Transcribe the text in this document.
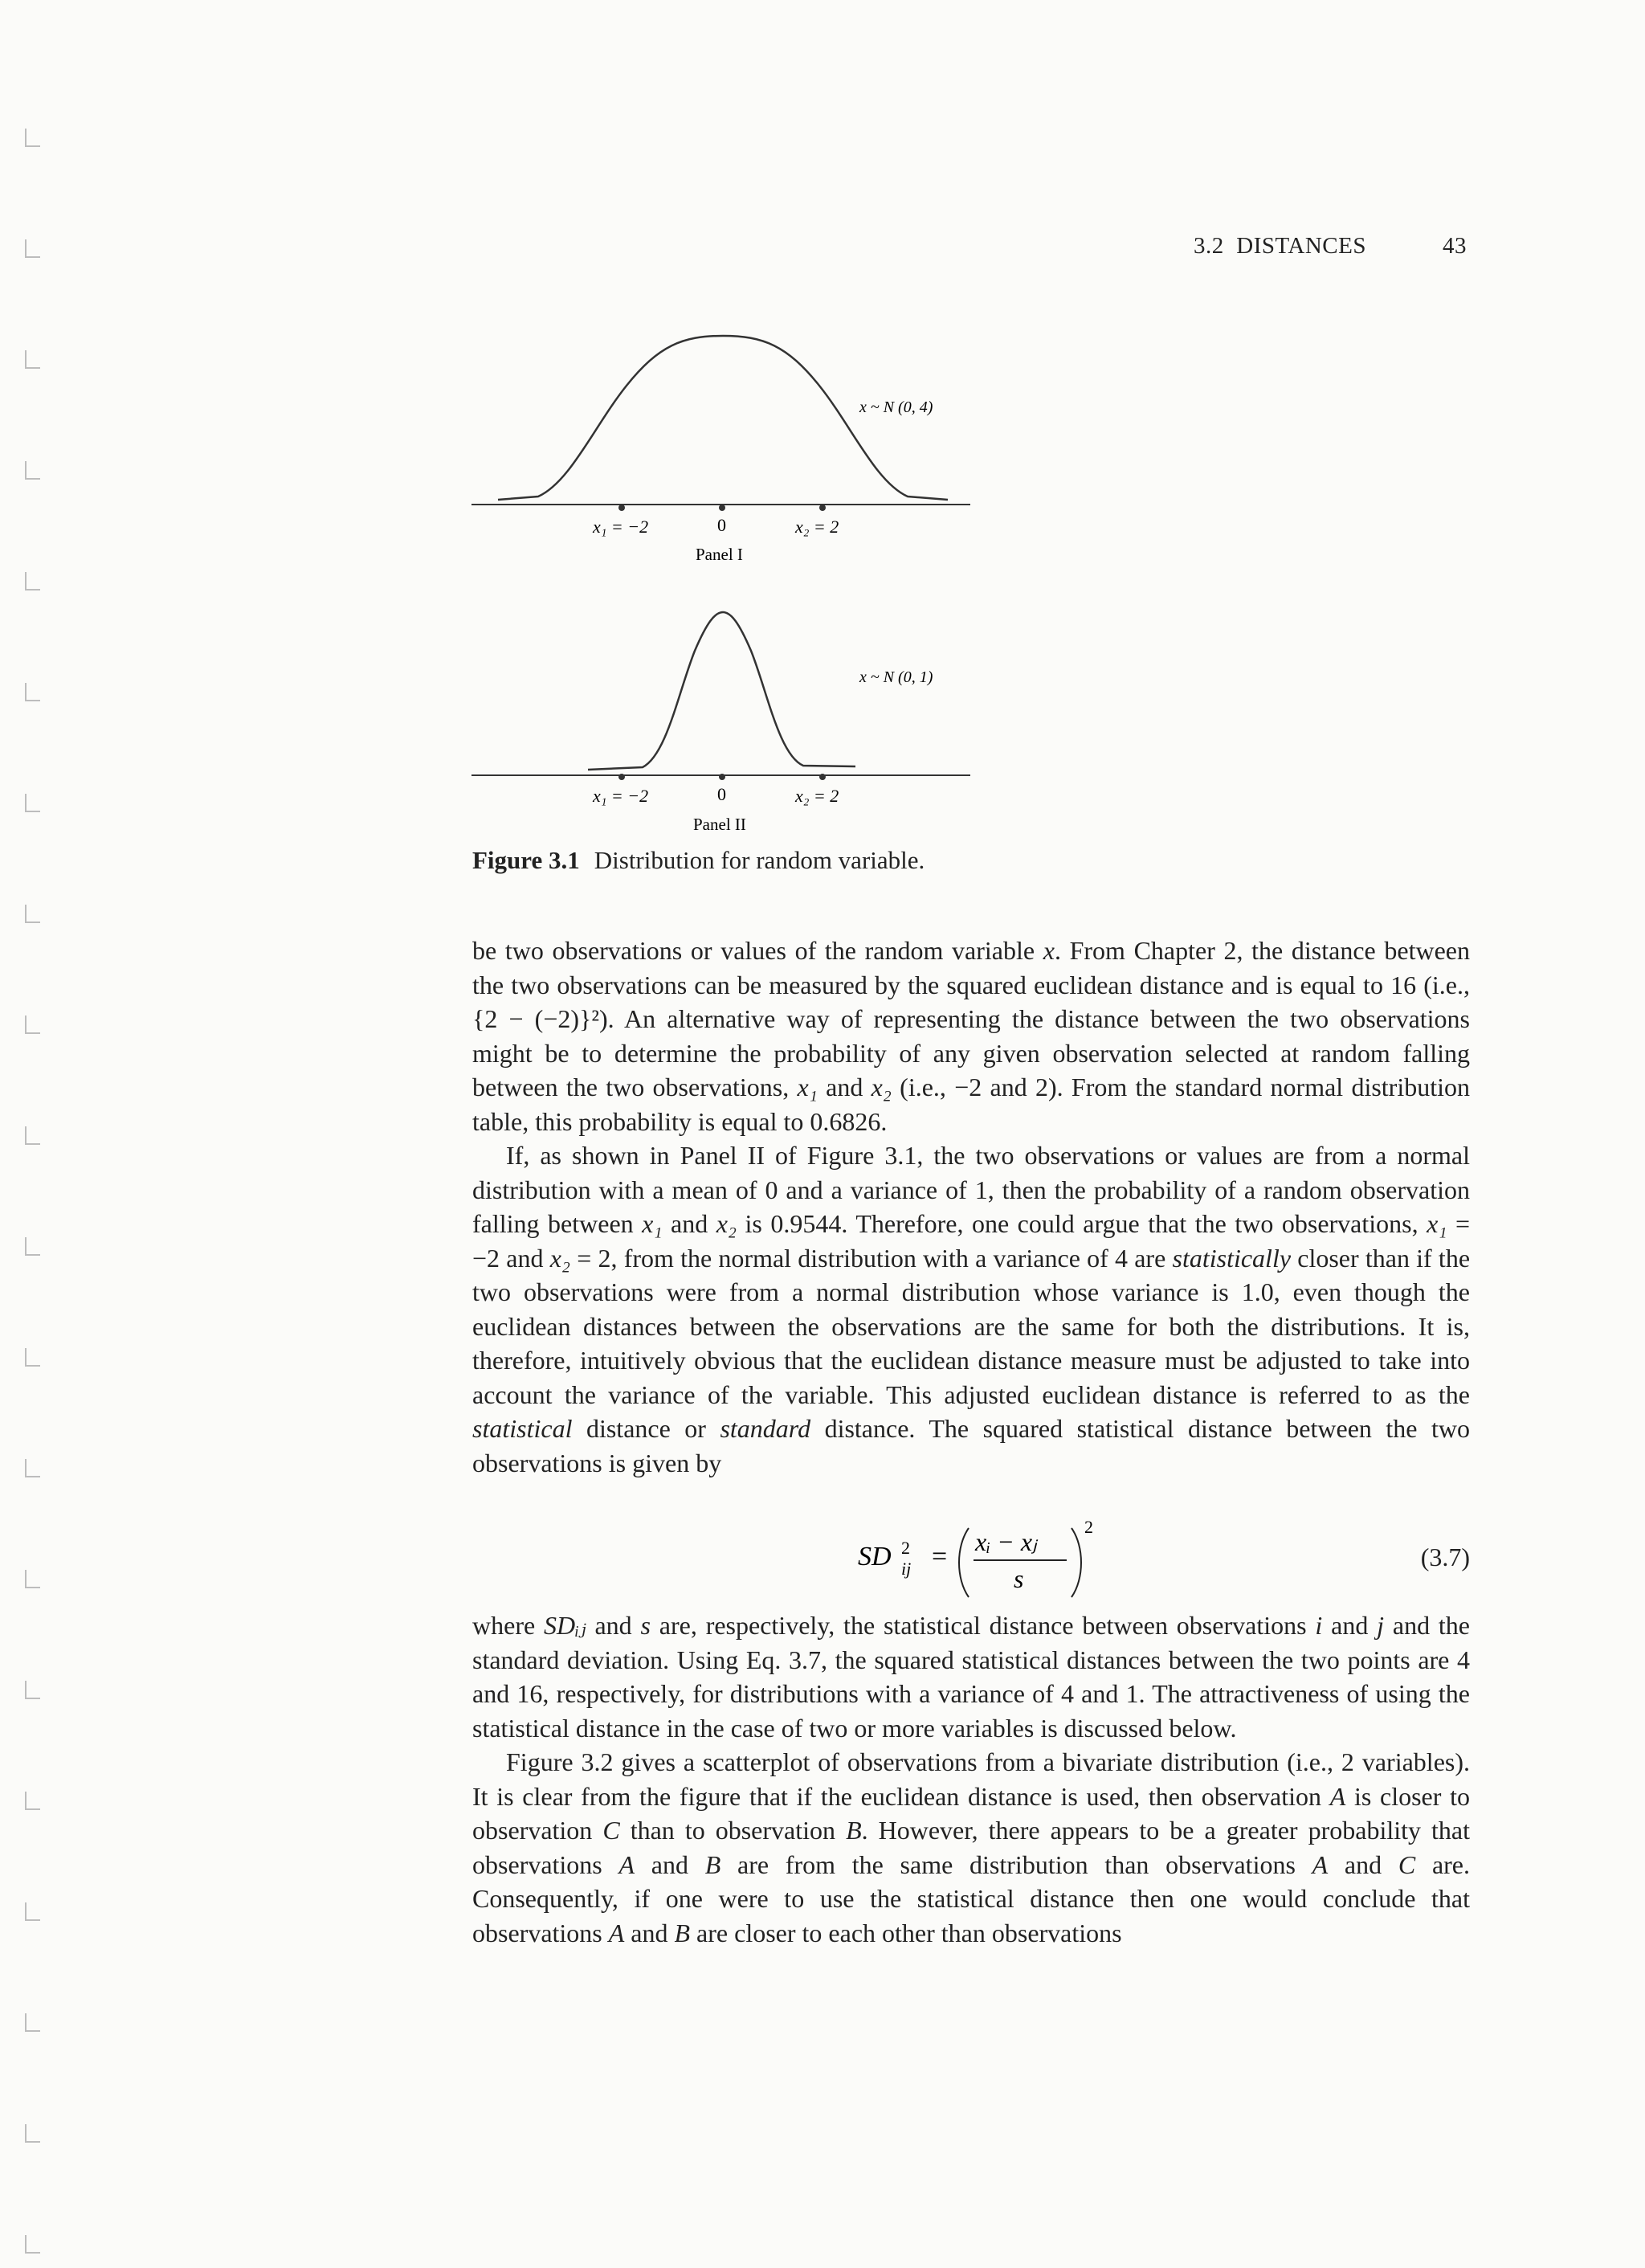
3.2 DISTANCES	43
x ~ N (0, 4)
x₁ = −2	0	x₂ = 2
Panel I
x ~ N (0, 1)
x₁ = −2	0	x₂ = 2
Panel II
Figure 3.1 Distribution for random variable.

be two observations or values of the random variable x. From Chapter 2, the distance between the two observations can be measured by the squared euclidean distance and is equal to 16 (i.e., {2 − (−2)}²). An alternative way of representing the distance between the two observations might be to determine the probability of any given observation selected at random falling between the two observations, x₁ and x₂ (i.e., −2 and 2). From the standard normal distribution table, this probability is equal to 0.6826.

If, as shown in Panel II of Figure 3.1, the two observations or values are from a normal distribution with a mean of 0 and a variance of 1, then the probability of a random observation falling between x₁ and x₂ is 0.9544. Therefore, one could argue that the two observations, x₁ = −2 and x₂ = 2, from the normal distribution with a variance of 4 are statistically closer than if the two observations were from a normal distribution whose variance is 1.0, even though the euclidean distances between the observations are the same for both the distributions. It is, therefore, intuitively obvious that the euclidean distance measure must be adjusted to take into account the variance of the variable. This adjusted euclidean distance is referred to as the statistical distance or standard distance. The squared statistical distance between the two observations is given by

SD 2
ij = xᵢ − xⱼ
s
2
(3.7)

where SDᵢⱼ and s are, respectively, the statistical distance between observations i and j and the standard deviation. Using Eq. 3.7, the squared statistical distances between the two points are 4 and 16, respectively, for distributions with a variance of 4 and 1. The attractiveness of using the statistical distance in the case of two or more variables is discussed below.

Figure 3.2 gives a scatterplot of observations from a bivariate distribution (i.e., 2 variables). It is clear from the figure that if the euclidean distance is used, then observation A is closer to observation C than to observation B. However, there appears to be a greater probability that observations A and B are from the same distribution than observations A and C are. Consequently, if one were to use the statistical distance then one would conclude that observations A and B are closer to each other than observations
